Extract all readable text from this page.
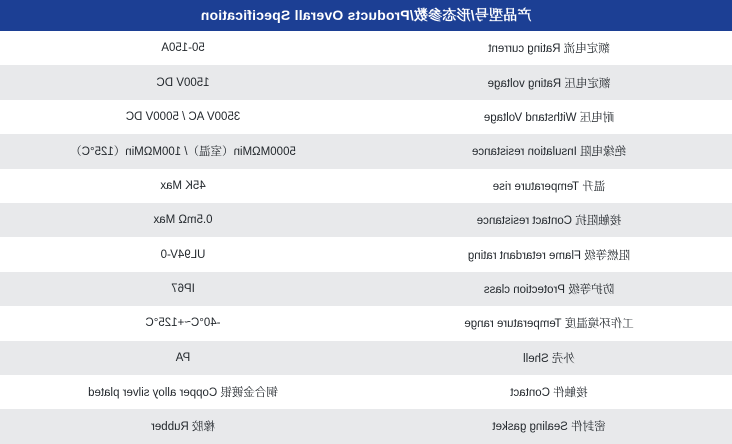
产品型号/形态参数/Products Overall Specification	
额定电流 Rating current	50-150A
额定电压 Rating voltage	1500V DC
耐电压 Withstand Voltage	3500V AC / 5000V DC
绝缘电阻 Insulation resistance	5000MΩMin（室温）/ 100MΩMin（125°C）
温升 Temperature rise	45K Max
接触阻抗 Contact resistance	0.5mΩ Max
阻燃等级 Flame retardant rating	UL94V-0
防护等级 Protection class	IP67
工作环境温度 Temperature range	-40°C~+125°C
外壳 Shell	PA
接触件 Contact	铜合金镀银 Copper alloy silver plated
密封件 Sealing gasket	橡胶 Rubber
